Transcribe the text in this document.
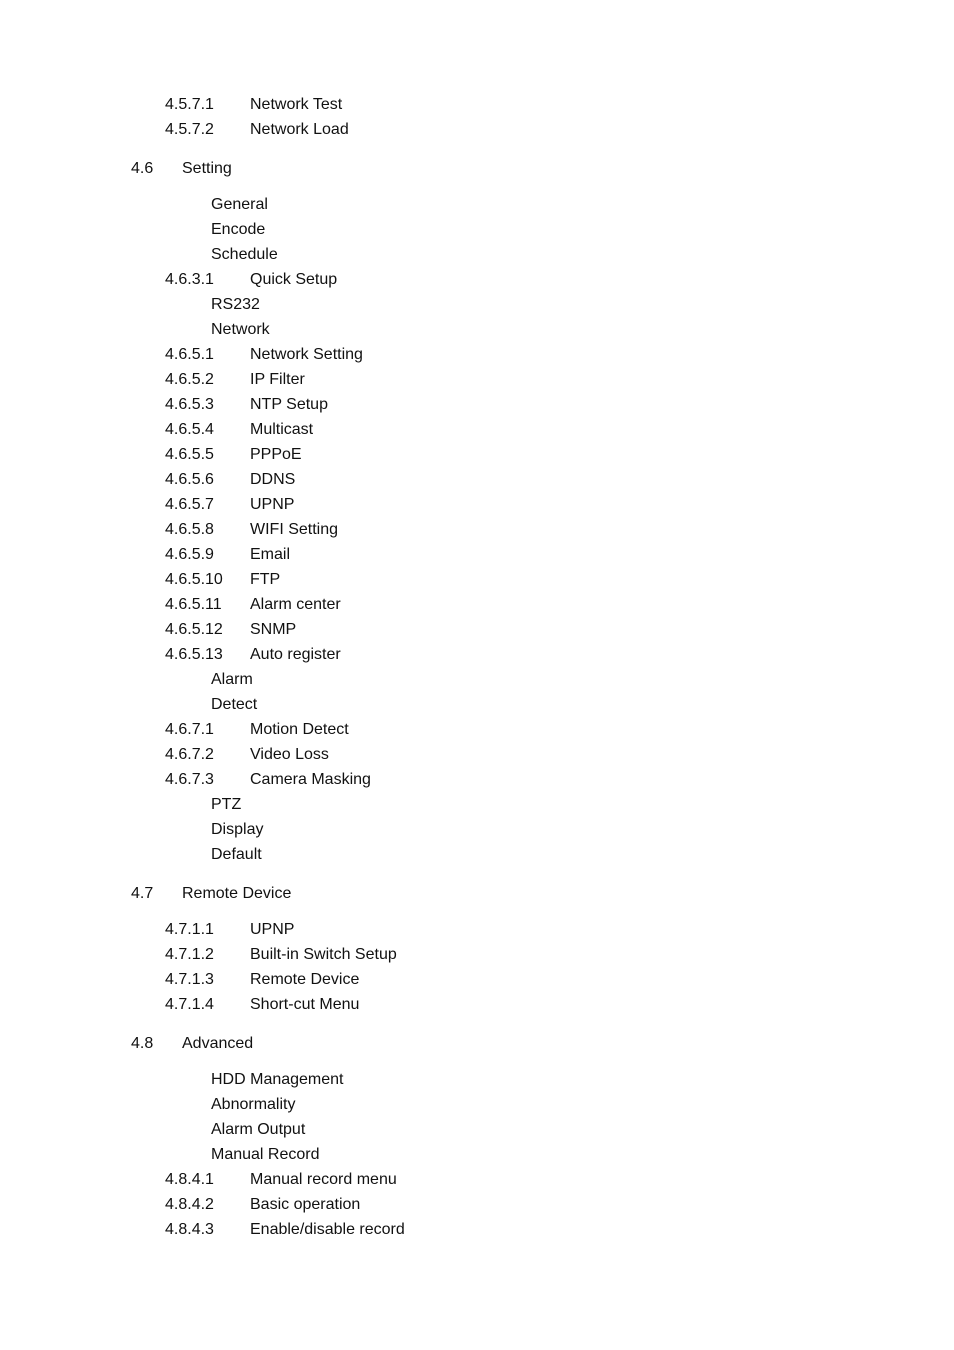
4.5.7.1 Network Test
4.5.7.2 Network Load
4.6 Setting
General
Encode
Schedule
4.6.3.1 Quick Setup
RS232
Network
4.6.5.1 Network Setting
4.6.5.2 IP Filter
4.6.5.3 NTP Setup
4.6.5.4 Multicast
4.6.5.5 PPPoE
4.6.5.6 DDNS
4.6.5.7 UPNP
4.6.5.8 WIFI Setting
4.6.5.9 Email
4.6.5.10 FTP
4.6.5.11 Alarm center
4.6.5.12 SNMP
4.6.5.13 Auto register
Alarm
Detect
4.6.7.1 Motion Detect
4.6.7.2 Video Loss
4.6.7.3 Camera Masking
PTZ
Display
Default
4.7 Remote Device
4.7.1.1 UPNP
4.7.1.2 Built-in Switch Setup
4.7.1.3 Remote Device
4.7.1.4 Short-cut Menu
4.8 Advanced
HDD Management
Abnormality
Alarm Output
Manual Record
4.8.4.1 Manual record menu
4.8.4.2 Basic operation
4.8.4.3 Enable/disable record
